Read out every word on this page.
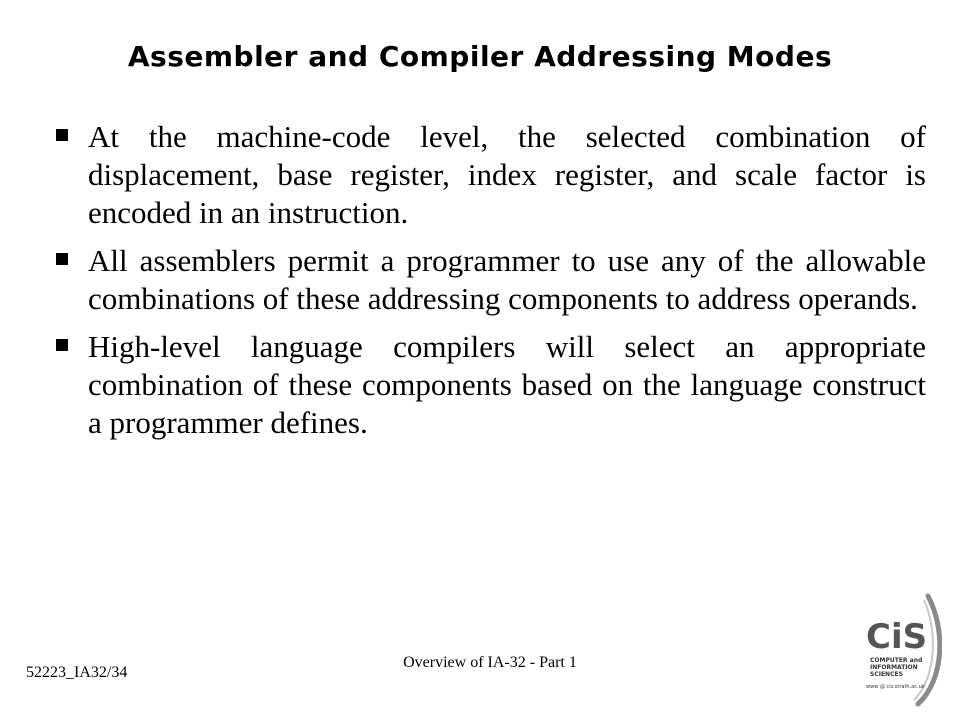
Assembler and Compiler Addressing Modes
At the machine-code level, the selected combination of displacement, base register, index register, and scale factor is encoded in an instruction.
All assemblers permit a programmer to use any of the allowable combinations of these addressing components to address operands.
High-level language compilers will select an appropriate combination of these components based on the language construct a programmer defines.
52223_IA32/34
Overview of IA-32 - Part 1
CiS
COMPUTER and
INFORMATION
SCIENCES
www @ cis.strath.ac.uk
